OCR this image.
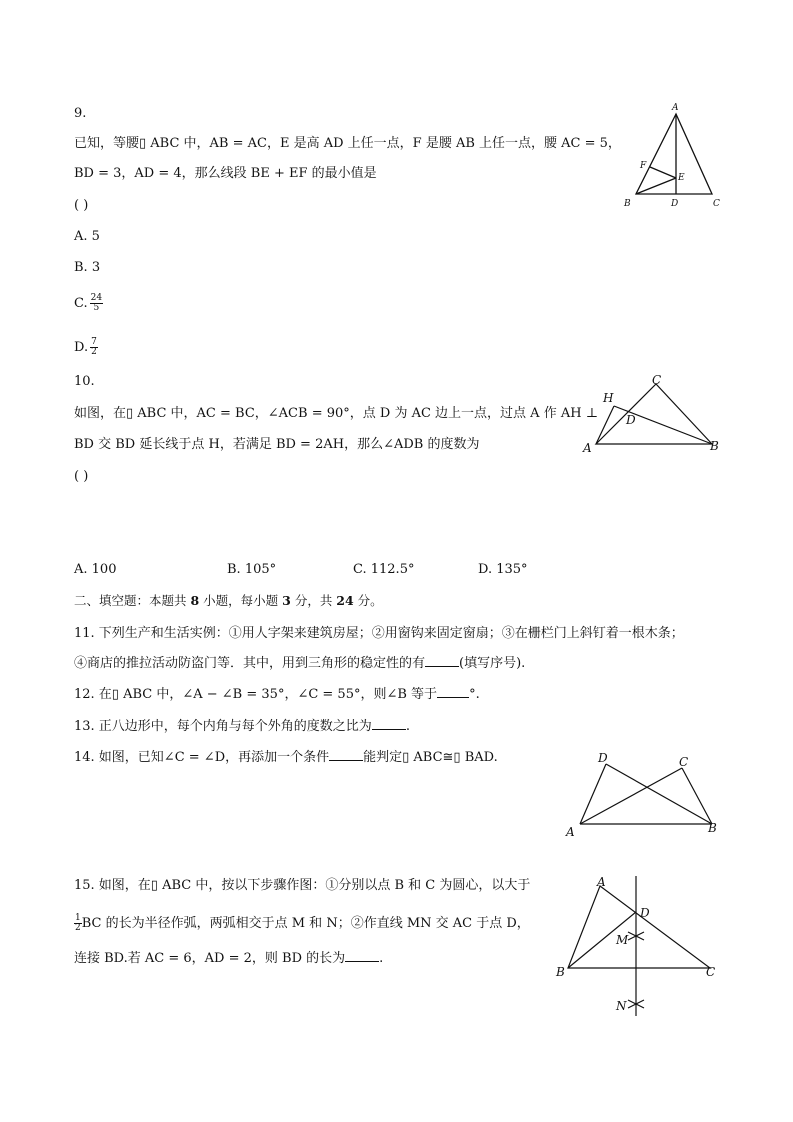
9.
已知，等腰▯ ABC 中，AB = AC，E 是高 AD 上任一点，F 是腰 AB 上任一点，腰 AC = 5，
BD = 3，AD = 4，那么线段 BE + EF 的最小值是
( )
A. 5
B. 3
C. $\frac{24}{5}$
D. $\frac{7}{2}$
A
B	D	C
E
F
10.
如图，在▯ ABC 中，AC = BC，∠ACB = 90°，点 D 为 AC 边上一点，过点 A 作 AH ⊥
BD 交 BD 延长线于点 H，若满足 BD = 2AH，那么∠ADB 的度数为
( )
A. 100	B. 105°	C. 112.5°	D. 135°
C
H
D
A	B
二、填空题：本题共 8 小题，每小题 3 分，共 24 分。
11. 下列生产和生活实例：①用人字架来建筑房屋；②用窗钩来固定窗扇；③在栅栏门上斜钉着一根木条；
④商店的推拉活动防盗门等．其中，用到三角形的稳定性的有	(填写序号).
12. 在▯ ABC 中，∠A − ∠B = 35°，∠C = 55°，则∠B 等于 °.
13. 正八边形中，每个内角与每个外角的度数之比为	.
14. 如图，已知∠C = ∠D，再添加一个条件	能判定▯ ABC≅▯ BAD.	D	C
A	B
15. 如图，在▯ ABC 中，按以下步骤作图：①分别以点 B 和 C 为圆心，以大于
$\frac{1}{2}$ BC 的长为半径作弧，两弧相交于点 M 和 N；②作直线 MN 交 AC 于点 D，
连接 BD.若 AC = 6，AD = 2，则 BD 的长为	.
A
D
M
B	C
N
